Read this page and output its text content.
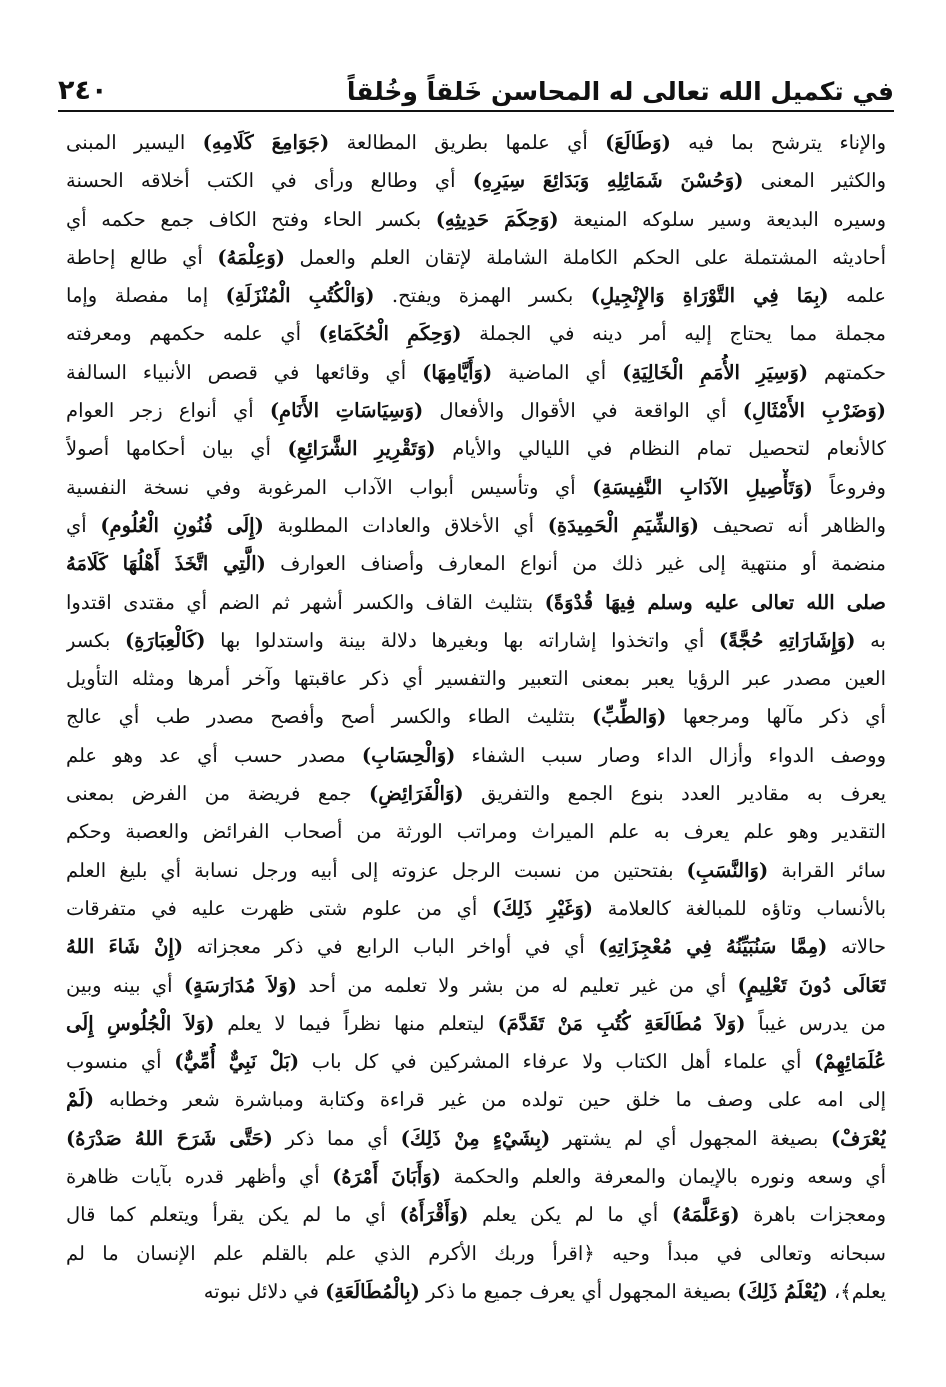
في تكميل الله تعالى له المحاسن خَلقاً وخُلقاً
٢٤٠
والإناء يترشح بما فيه (وَطَالَعَ) أي علمها بطريق المطالعة (جَوَامِعَ كَلَامِهِ) اليسير المبنى
والكثير المعنى (وَحُسْنَ شَمَائِلِهِ وَبَدَائِعَ سِيَرِهِ) أي وطالع ورأى في الكتب أخلاقه الحسنة
وسيره البديعة وسير سلوكه المنيعة (وَحِكَمَ حَدِيثِهِ) بكسر الحاء وفتح الكاف جمع حكمه أي
أحاديثه المشتملة على الحكم الكاملة الشاملة لإتقان العلم والعمل (وَعِلْمَهُ) أي طالع إحاطة
علمه (بِمَا فِي التَّوْرَاةِ وَالإِنْجِيلِ) بكسر الهمزة ويفتح. (وَالْكُتُبِ الْمُنْزَلَةِ) إما مفصلة وإما
مجملة مما يحتاج إليه أمر دينه في الجملة (وَحِكَمِ الْحُكَمَاءِ) أي علمه حكمهم ومعرفته
حكمتهم (وَسِيَرِ الأُمَمِ الْخَالِيَةِ) أي الماضية (وَأَيَّامِهَا) أي وقائعها في قصص الأنبياء السالفة
(وَضَرْبِ الأَمْثَالِ) أي الواقعة في الأقوال والأفعال (وَسِيَاسَاتِ الأَنَامِ) أي أنواع زجر العوام
كالأنعام لتحصيل تمام النظام في الليالي والأيام (وَتَقْرِيرِ الشَّرَائِعِ) أي بيان أحكامها أصولاً
وفروعاً (وَتَأْصِيلِ الآدَابِ النَّفِيسَةِ) أي وتأسيس أبواب الآداب المرغوبة وفي نسخة النفسية
والظاهر أنه تصحيف (وَالشِّيَمِ الْحَمِيدَةِ) أي الأخلاق والعادات المطلوبة (إِلَى فُنُونِ الْعُلُومِ) أي
منضمة أو منتهية إلى غير ذلك من أنواع المعارف وأصناف العوارف (الَّتِي اتَّخَذَ أَهْلُهَا كَلَامَهُ
صلى الله تعالى عليه وسلم فِيهَا قُدْوَةً) بتثليث القاف والكسر أشهر ثم الضم أي مقتدى اقتدوا
به (وَإِشَارَاتِهِ حُجَّةً) أي واتخذوا إشاراته بها وبغيرها دلالة بينة واستدلوا بها (كَالْعِبَارَةِ) بكسر
العين مصدر عبر الرؤيا يعبر بمعنى التعبير والتفسير أي ذكر عاقبتها وآخر أمرها ومثله التأويل
أي ذكر مآلها ومرجعها (وَالطِّبِّ) بتثليث الطاء والكسر أصح وأفصح مصدر طب أي عالج
ووصف الدواء وأزال الداء وصار سبب الشفاء (وَالْحِسَابِ) مصدر حسب أي عد وهو علم
يعرف به مقادير العدد بنوع الجمع والتفريق (وَالْفَرَائِضِ) جمع فريضة من الفرض بمعنى
التقدير وهو علم يعرف به علم الميراث ومراتب الورثة من أصحاب الفرائض والعصبة وحكم
سائر القرابة (وَالنَّسَبِ) بفتحتين من نسبت الرجل عزوته إلى أبيه ورجل نسابة أي بليغ العلم
بالأنساب وتاؤه للمبالغة كالعلامة (وَغَيْرِ ذَلِكَ) أي من علوم شتى ظهرت عليه في متفرقات
حالاته (مِمَّا سَنُبَيِّنُهُ فِي مُعْجِزَاتِهِ) أي في أواخر الباب الرابع في ذكر معجزاته (إِنْ شَاءَ اللهُ
تَعَالَى دُونَ تَعْلِيمٍ) أي من غير تعليم له من بشر ولا تعلمه من أحد (وَلاَ مُدَارَسَةٍ) أي بينه وبين
من يدرس غيباً (وَلاَ مُطَالَعَةِ كُتُبِ مَنْ تَقَدَّمَ) ليتعلم منها نظراً فيما لا يعلم (وَلاَ الْجُلُوسِ إِلَى
عُلَمَائِهِمْ) أي علماء أهل الكتاب ولا عرفاء المشركين في كل باب (بَلْ نَبِيٌّ أُمِّيٌّ) أي منسوب
إلى امه على وصف ما خلق حين تولده من غير قراءة وكتابة ومباشرة شعر وخطابه (لَمْ
يُعْرَفْ) بصيغة المجهول أي لم يشتهر (بِشَيْءٍ مِنْ ذَلِكَ) أي مما ذكر (حَتَّى شَرَحَ اللهُ صَدْرَهُ)
أي وسعه ونوره بالإيمان والمعرفة والعلم والحكمة (وَأَبَانَ أَمْرَهُ) أي وأظهر قدره بآيات ظاهرة
ومعجزات باهرة (وَعَلَّمَهُ) أي ما لم يكن يعلم (وَأَقْرَأَهُ) أي ما لم يكن يقرأ ويتعلم كما قال
سبحانه وتعالى في مبدأ وحيه ﴿اقرأ وربك الأكرم الذي علم بالقلم علم الإنسان ما لم
يعلم﴾، (يُعْلَمُ ذَلِكَ) بصيغة المجهول أي يعرف جميع ما ذكر (بِالْمُطَالَعَةِ) في دلائل نبوته
